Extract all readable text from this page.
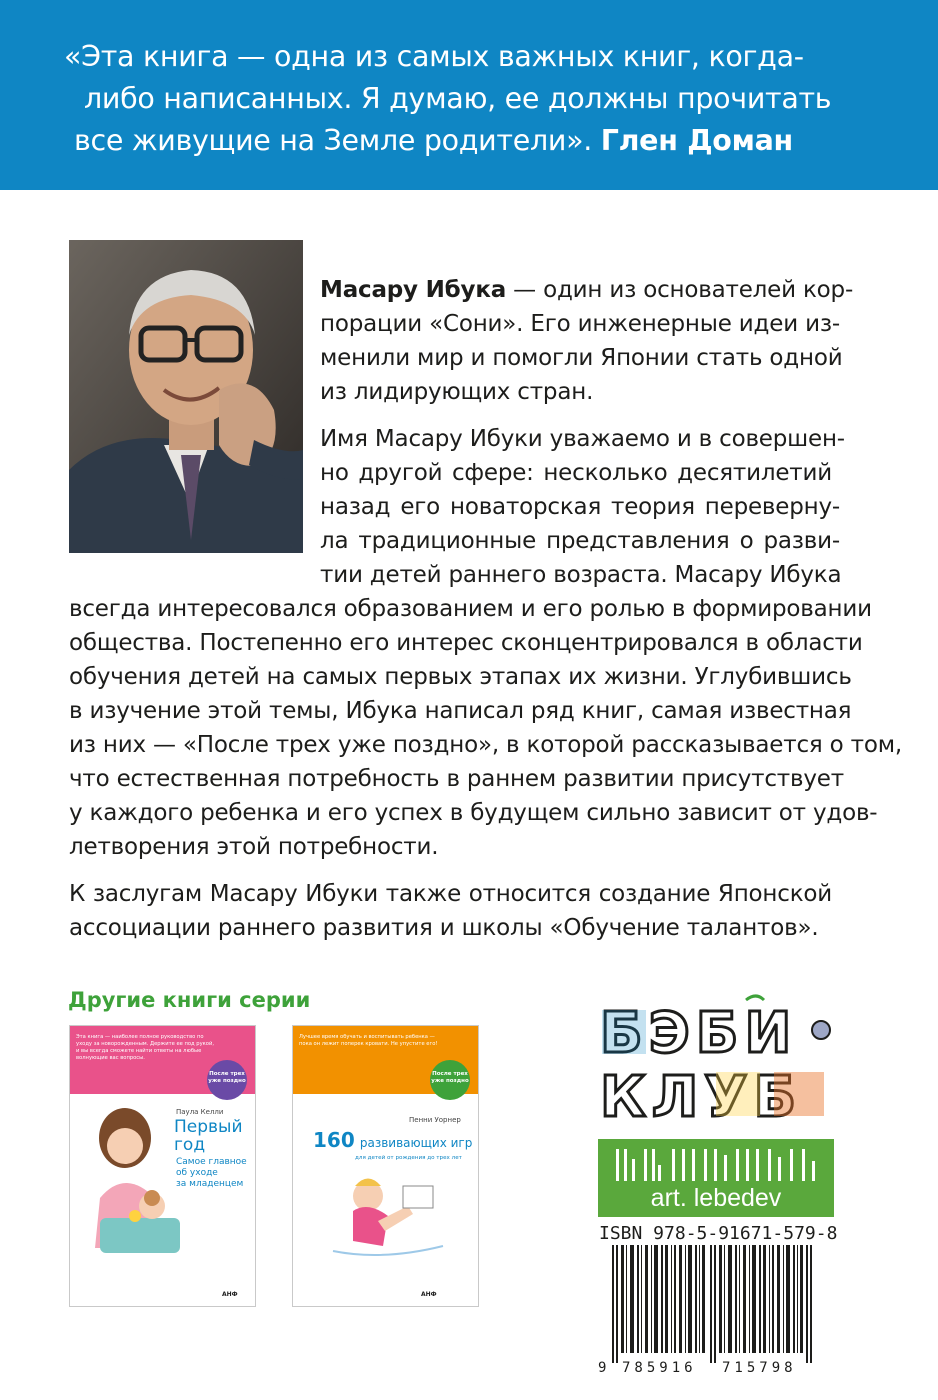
«Эта книга — одна из самых важных книг, когда-
либо написанных. Я думаю, ее должны прочитать
все живущие на Земле родители». Глен Доман
Масару Ибука — один из основателей кор-
порации «Сони». Его инженерные идеи из-
менили мир и помогли Японии стать одной
из лидирующих стран.
Имя Масару Ибуки уважаемо и в совершен-
но другой сфере: несколько десятилетий
назад его новаторская теория переверну-
ла традиционные представления о разви-
тии детей раннего возраста. Масару Ибука
всегда интересовался образованием и его ролью в формировании
общества. Постепенно его интерес сконцентрировался в области
обучения детей на самых первых этапах их жизни. Углубившись
в изучение этой темы, Ибука написал ряд книг, самая известная
из них — «После трех уже поздно», в которой рассказывается о том,
что естественная потребность в раннем развитии присутствует
у каждого ребенка и его успех в будущем сильно зависит от удов-
летворения этой потребности.
К заслугам Масару Ибуки также относится создание Японской
ассоциации раннего развития и школы «Обучение талантов».
Другие книги серии
Эта книга — наиболее полное руководство по уходу за новорожденным. Держите ее под рукой, и вы всегда сможете найти ответы на любые волнующие вас вопросы.
После трех уже поздно
Паула Келли
Первый
год
Самое главное
об уходе
за младенцем
АНФ
Лучшее время обучать и воспитывать ребенка — пока он лежит поперек кровати. Не упустите его!
После трех уже поздно
Пенни Уорнер
160 развивающих игр
для детей от рождения до трех лет
АНФ
БЭБИ
КЛУБ
art. lebedev
ISBN 978-5-91671-579-8
9 785916 715798
